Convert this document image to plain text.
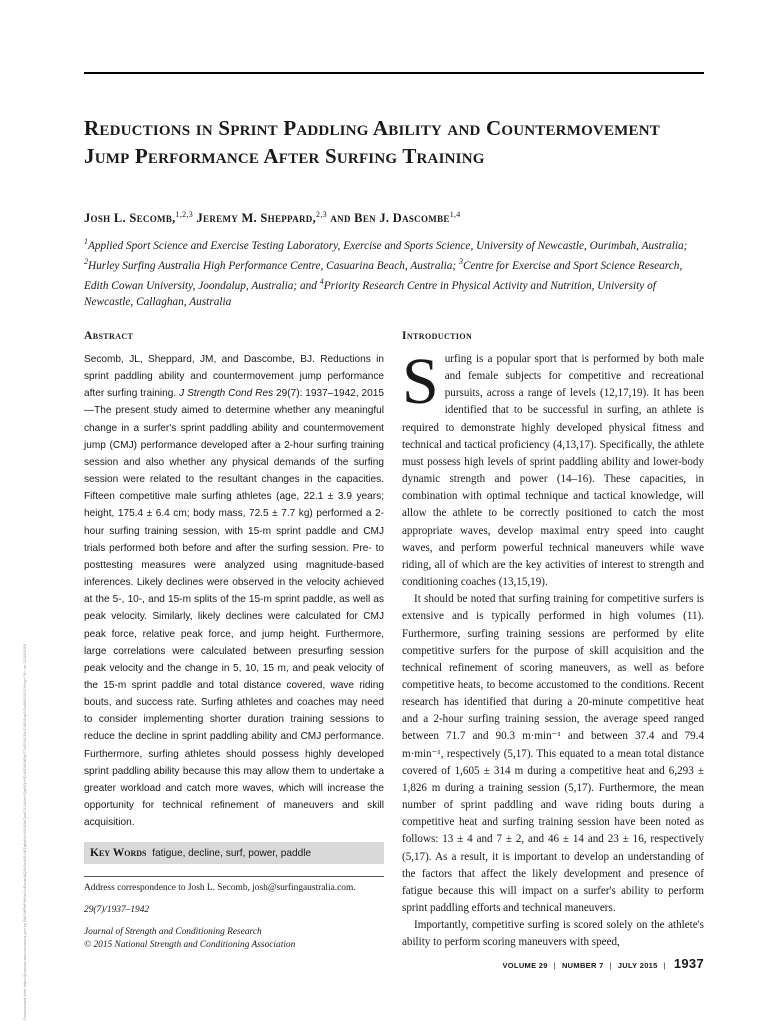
Reductions in Sprint Paddling Ability and Countermovement Jump Performance After Surfing Training
Josh L. Secomb,$^{1,2,3}$ Jeremy M. Sheppard,$^{2,3}$ and Ben J. Dascombe$^{1,4}$
$^1$Applied Sport Science and Exercise Testing Laboratory, Exercise and Sports Science, University of Newcastle, Ourimbah, Australia; $^2$Hurley Surfing Australia High Performance Centre, Casuarina Beach, Australia; $^3$Centre for Exercise and Sport Science Research, Edith Cowan University, Joondalup, Australia; and $^4$Priority Research Centre in Physical Activity and Nutrition, University of Newcastle, Callaghan, Australia
Downloaded from https://journals.lww.com/nsca-jscr by BhDMf5ePHKav1zEoum1tQfN4a+kJLhEZgbsIHo4XMi0hCywCX1AWnYQp/IlQrHD3i3D0OdRyi7TvSFl4Cf3VC4/OAVpDDa8KKGKV0Ymy+78= on 11/03/2019
Abstract

Secomb, JL, Sheppard, JM, and Dascombe, BJ. Reductions in sprint paddling ability and countermovement jump performance after surfing training. J Strength Cond Res 29(7): 1937–1942, 2015—The present study aimed to determine whether any meaningful change in a surfer's sprint paddling ability and countermovement jump (CMJ) performance developed after a 2-hour surfing training session and also whether any physical demands of the surfing session were related to the resultant changes in the capacities. Fifteen competitive male surfing athletes (age, 22.1 ± 3.9 years; height, 175.4 ± 6.4 cm; body mass, 72.5 ± 7.7 kg) performed a 2-hour surfing training session, with 15-m sprint paddle and CMJ trials performed both before and after the surfing session. Pre- to posttesting measures were analyzed using magnitude-based inferences. Likely declines were observed in the velocity achieved at the 5-, 10-, and 15-m splits of the 15-m sprint paddle, as well as peak velocity. Similarly, likely declines were calculated for CMJ peak force, relative peak force, and jump height. Furthermore, large correlations were calculated between presurfing session peak velocity and the change in 5, 10, 15 m, and peak velocity of the 15-m sprint paddle and total distance covered, wave riding bouts, and success rate. Surfing athletes and coaches may need to consider implementing shorter duration training sessions to reduce the decline in sprint paddling ability and CMJ performance. Furthermore, surfing athletes should possess highly developed sprint paddling ability because this may allow them to undertake a greater workload and catch more waves, which will increase the opportunity for technical refinement of maneuvers and skill acquisition.

Key Words fatigue, decline, surf, power, paddle

Address correspondence to Josh L. Secomb, josh@surfingaustralia.com.

29(7)/1937–1942

Journal of Strength and Conditioning Research

© 2015 National Strength and Conditioning Association

Introduction

Surfing is a popular sport that is performed by both male and female subjects for competitive and recreational pursuits, across a range of levels (12,17,19). It has been identified that to be successful in surfing, an athlete is required to demonstrate highly developed physical fitness and technical and tactical proficiency (4,13,17). Specifically, the athlete must possess high levels of sprint paddling ability and lower-body dynamic strength and power (14–16). These capacities, in combination with optimal technique and tactical knowledge, will allow the athlete to be correctly positioned to catch the most appropriate waves, develop maximal entry speed into caught waves, and perform powerful technical maneuvers while wave riding, all of which are the key activities of interest to strength and conditioning coaches (13,15,19).

It should be noted that surfing training for competitive surfers is extensive and is typically performed in high volumes (11). Furthermore, surfing training sessions are performed by elite competitive surfers for the purpose of skill acquisition and the technical refinement of scoring maneuvers, as well as before competitive heats, to become accustomed to the conditions. Recent research has identified that during a 20-minute competitive heat and a 2-hour surfing training session, the average speed ranged between 71.7 and 90.3 m·min⁻¹ and between 37.4 and 79.4 m·min⁻¹, respectively (5,17). This equated to a mean total distance covered of 1,605 ± 314 m during a competitive heat and 6,293 ± 1,826 m during a training session (5,17). Furthermore, the mean number of sprint paddling and wave riding bouts during a competitive heat and surfing training session have been noted as follows: 13 ± 4 and 7 ± 2, and 46 ± 14 and 23 ± 16, respectively (5,17). As a result, it is important to develop an understanding of the factors that affect the likely development and presence of fatigue because this will impact on a surfer's ability to perform sprint paddling efforts and technical maneuvers.

Importantly, competitive surfing is scored solely on the athlete's ability to perform scoring maneuvers with speed,

VOLUME 29 | NUMBER 7 | JULY 2015 | 1937
